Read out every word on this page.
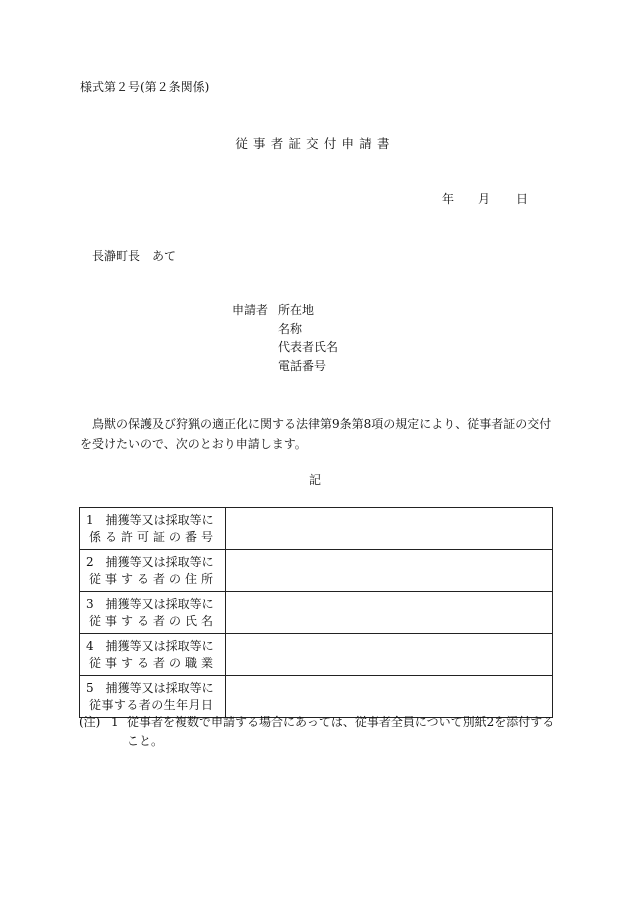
様式第２号(第２条関係)
従事者証交付申請書
年 月 日
長瀞町長　あて
申請者 所在地
名称
代表者氏名
電話番号
鳥獣の保護及び狩猟の適正化に関する法律第9条第8項の規定により、従事者証の交付を受けたいので、次のとおり申請します。
記
1　捕獲等又は採取等に
係る許可証の番号	

2　捕獲等又は採取等に
従事する者の住所	

3　捕獲等又は採取等に
従事する者の氏名	

4　捕獲等又は採取等に
従事する者の職業	

5　捕獲等又は採取等に
従事する者の生年月日	

(注) 1 従事者を複数で申請する場合にあっては、従事者全員について別紙2を添付する
こと。
